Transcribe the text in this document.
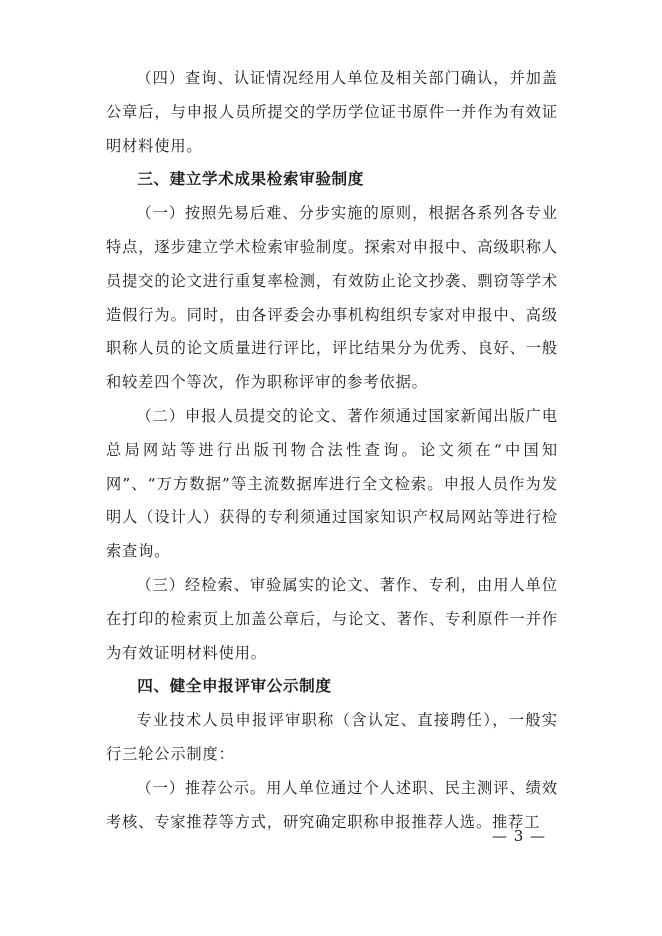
（四）查询、认证情况经用人单位及相关部门确认，并加盖公章后，与申报人员所提交的学历学位证书原件一并作为有效证明材料使用。

三、建立学术成果检索审验制度

（一）按照先易后难、分步实施的原则，根据各系列各专业特点，逐步建立学术检索审验制度。探索对申报中、高级职称人员提交的论文进行重复率检测，有效防止论文抄袭、剽窃等学术造假行为。同时，由各评委会办事机构组织专家对申报中、高级职称人员的论文质量进行评比，评比结果分为优秀、良好、一般和较差四个等次，作为职称评审的参考依据。

（二）申报人员提交的论文、著作须通过国家新闻出版广电总局网站等进行出版刊物合法性查询。论文须在“中国知网”、“万方数据”等主流数据库进行全文检索。申报人员作为发明人（设计人）获得的专利须通过国家知识产权局网站等进行检索查询。

（三）经检索、审验属实的论文、著作、专利，由用人单位在打印的检索页上加盖公章后，与论文、著作、专利原件一并作为有效证明材料使用。

四、健全申报评审公示制度

专业技术人员申报评审职称（含认定、直接聘任），一般实行三轮公示制度：

（一）推荐公示。用人单位通过个人述职、民主测评、绩效考核、专家推荐等方式，研究确定职称申报推荐人选。推荐工

— 3 —
